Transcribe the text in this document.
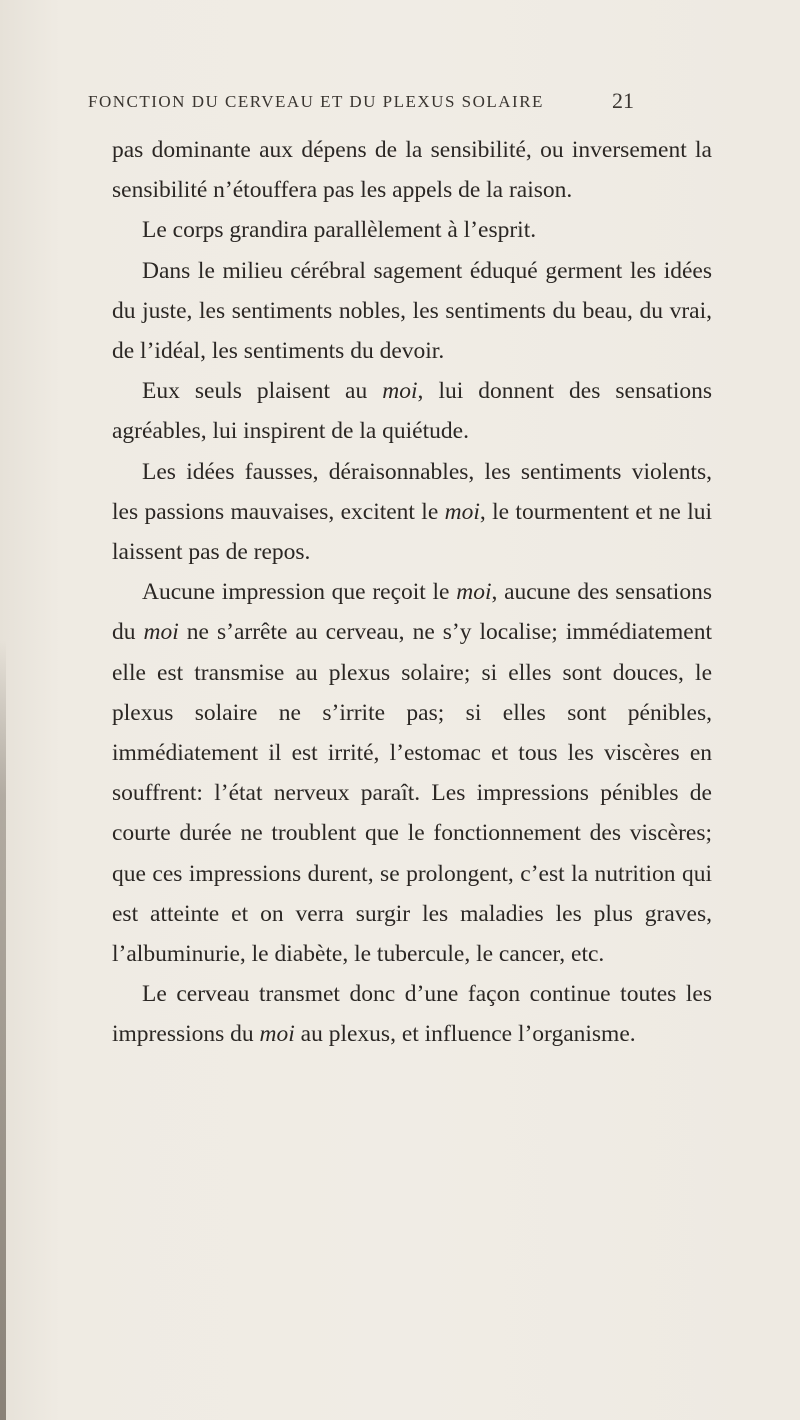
FONCTION DU CERVEAU ET DU PLEXUS SOLAIRE	21

pas dominante aux dépens de la sensibilité, ou inversement la sensibilité n’étouffera pas les appels de la raison.

Le corps grandira parallèlement à l’esprit.

Dans le milieu cérébral sagement éduqué germent les idées du juste, les sentiments nobles, les sentiments du beau, du vrai, de l’idéal, les sentiments du devoir.

Eux seuls plaisent au moi, lui donnent des sensations agréables, lui inspirent de la quiétude.

Les idées fausses, déraisonnables, les sentiments violents, les passions mauvaises, excitent le moi, le tourmentent et ne lui laissent pas de repos.

Aucune impression que reçoit le moi, aucune des sensations du moi ne s’arrête au cerveau, ne s’y localise; immédiatement elle est transmise au plexus solaire; si elles sont douces, le plexus solaire ne s’irrite pas; si elles sont pénibles, immédiatement il est irrité, l’estomac et tous les viscères en souffrent: l’état nerveux paraît. Les impressions pénibles de courte durée ne troublent que le fonctionnement des viscères; que ces impressions durent, se prolongent, c’est la nutrition qui est atteinte et on verra surgir les maladies les plus graves, l’albuminurie, le diabète, le tubercule, le cancer, etc.

Le cerveau transmet donc d’une façon continue toutes les impressions du moi au plexus, et influence l’organisme.
